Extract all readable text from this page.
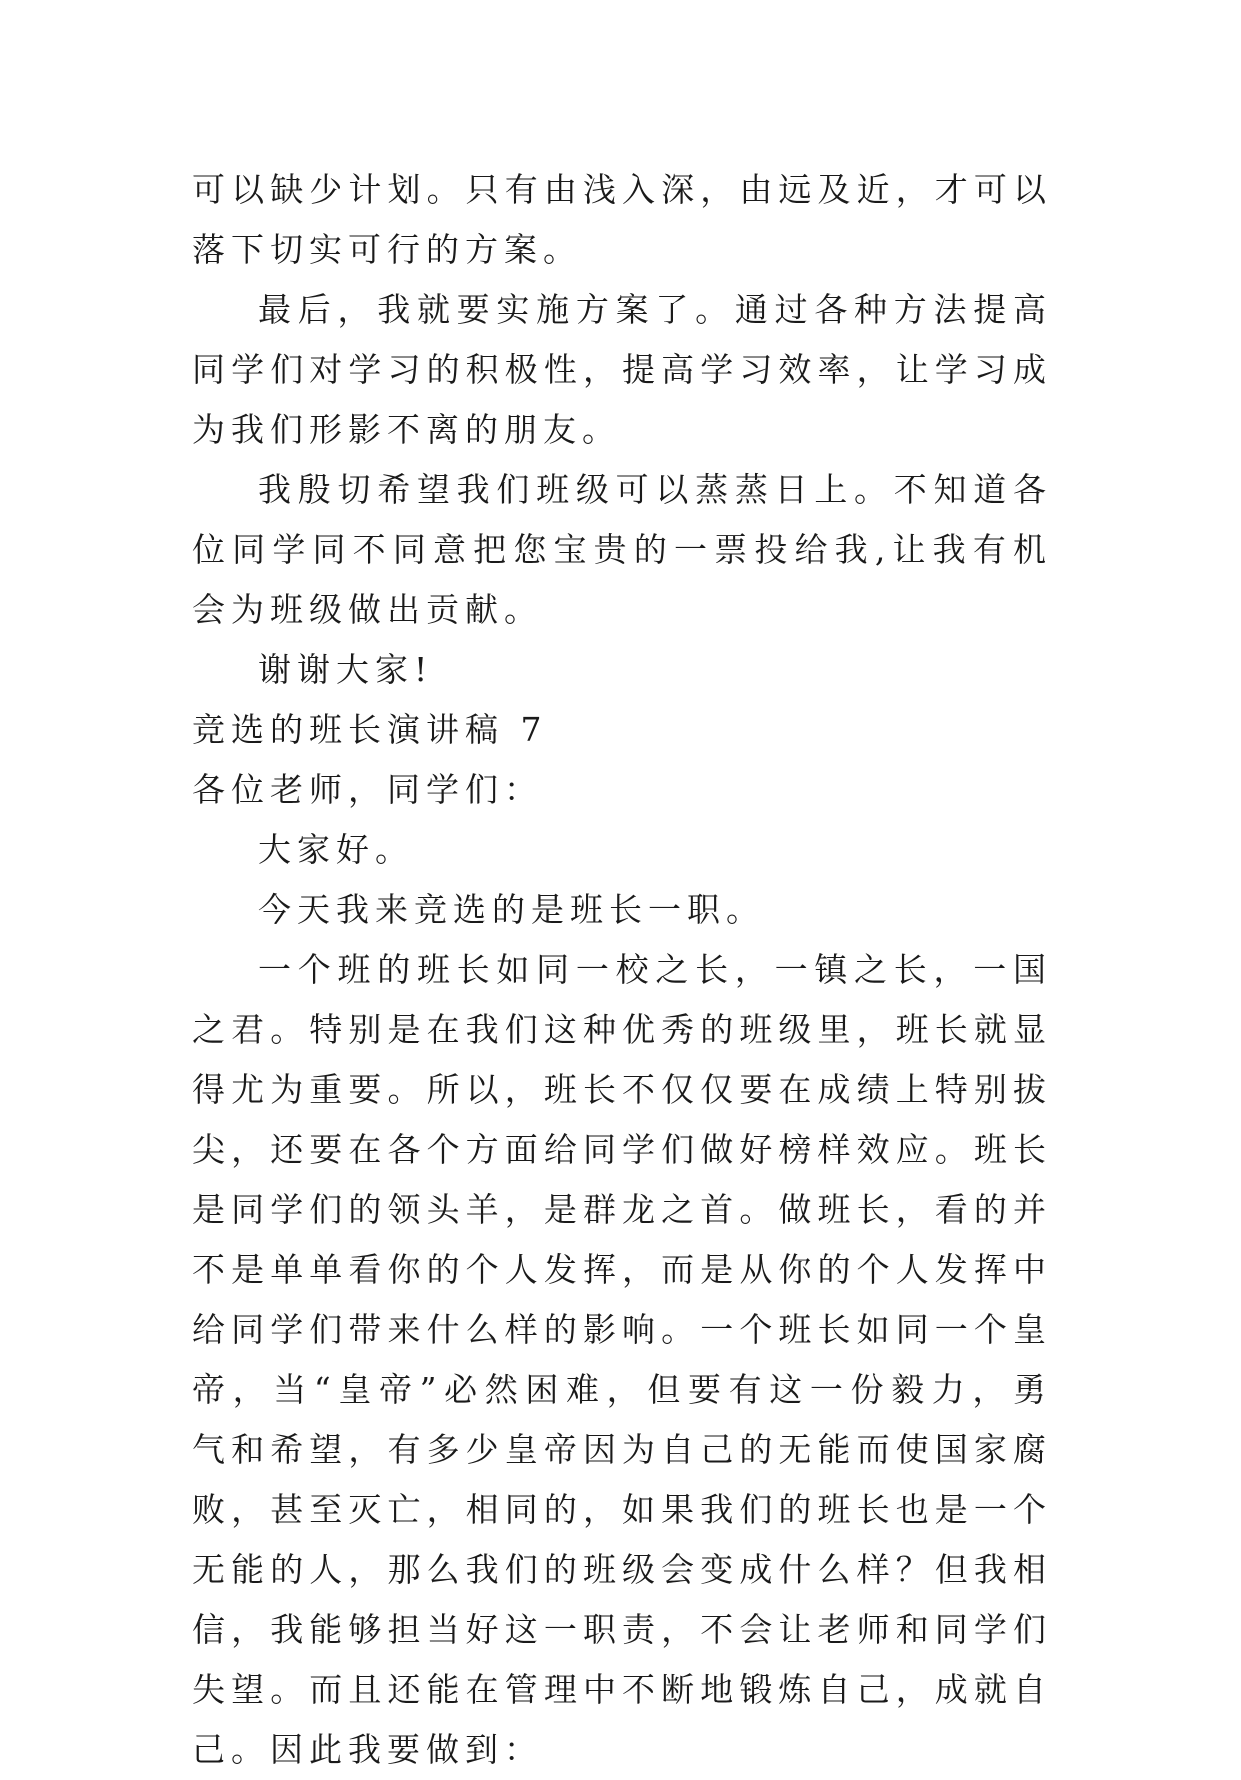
可以缺少计划。只有由浅入深，由远及近，才可以落下切实可行的方案。

最后，我就要实施方案了。通过各种方法提高同学们对学习的积极性，提高学习效率，让学习成为我们形影不离的朋友。

我殷切希望我们班级可以蒸蒸日上。不知道各位同学同不同意把您宝贵的一票投给我,让我有机会为班级做出贡献。

谢谢大家!

竞选的班长演讲稿 7

各位老师，同学们：

大家好。

今天我来竞选的是班长一职。

一个班的班长如同一校之长，一镇之长，一国之君。特别是在我们这种优秀的班级里，班长就显得尤为重要。所以，班长不仅仅要在成绩上特别拔尖，还要在各个方面给同学们做好榜样效应。班长是同学们的领头羊，是群龙之首。做班长，看的并不是单单看你的个人发挥，而是从你的个人发挥中给同学们带来什么样的影响。一个班长如同一个皇帝，当“皇帝”必然困难，但要有这一份毅力，勇气和希望，有多少皇帝因为自己的无能而使国家腐败，甚至灭亡，相同的，如果我们的班长也是一个无能的人，那么我们的班级会变成什么样？但我相信，我能够担当好这一职责，不会让老师和同学们失望。而且还能在管理中不断地锻炼自己，成就自己。因此我要做到：
